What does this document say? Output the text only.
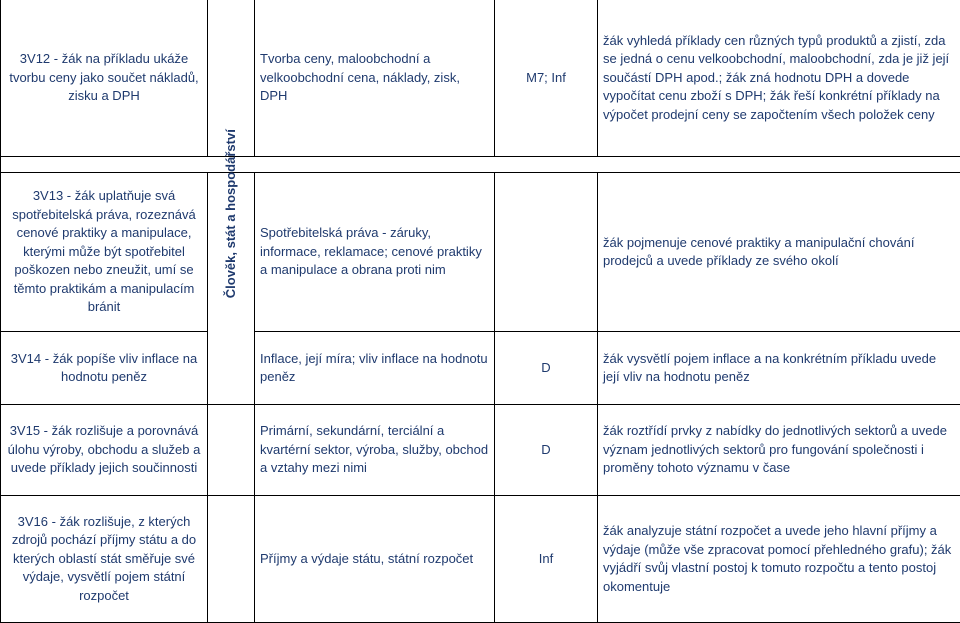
3V12 - žák na příkladu ukáže tvorbu ceny jako součet nákladů, zisku a DPH		Tvorba ceny, maloobchodní a velkoobchodní cena, náklady, zisk, DPH	M7; Inf	žák vyhledá příklady cen různých typů produktů a zjistí, zda se jedná o cenu velkoobchodní, maloobchodní, zda je již její součástí DPH apod.; žák zná hodnotu DPH a dovede vypočítat cenu zboží s DPH; žák řeší konkrétní příklady na výpočet prodejní ceny se započtením všech položek ceny

3V13 - žák uplatňuje svá spotřebitelská práva, rozeznává cenové praktiky a manipulace, kterými může být spotřebitel poškozen nebo zneužit, umí se těmto praktikám a manipulacím bránit	Člověk, stát a hospodářství	Spotřebitelská práva - záruky, informace, reklamace; cenové praktiky a manipulace a obrana proti nim		žák pojmenuje cenové praktiky a manipulační chování prodejců a uvede příklady ze svého okolí
3V14 - žák popíše vliv inflace na hodnotu peněz		Inflace, její míra; vliv inflace na hodnotu peněz	D	žák vysvětlí pojem inflace a na konkrétním příkladu uvede její vliv na hodnotu peněz
3V15 - žák rozlišuje a porovnává úlohu výroby, obchodu a služeb a uvede příklady jejich součinnosti		Primární, sekundární, terciální a kvartérní sektor, výroba, služby, obchod a vztahy mezi nimi	D	žák roztřídí prvky z nabídky do jednotlivých sektorů a uvede význam jednotlivých sektorů pro fungování společnosti i proměny tohoto významu v čase
3V16 - žák rozlišuje, z kterých zdrojů pochází příjmy státu a do kterých oblastí stát směřuje své výdaje, vysvětlí pojem státní rozpočet		Příjmy a výdaje státu, státní rozpočet	Inf	žák analyzuje státní rozpočet a uvede jeho hlavní příjmy a výdaje (může vše zpracovat pomocí přehledného grafu); žák vyjádří svůj vlastní postoj k tomuto rozpočtu a tento postoj okomentuje
